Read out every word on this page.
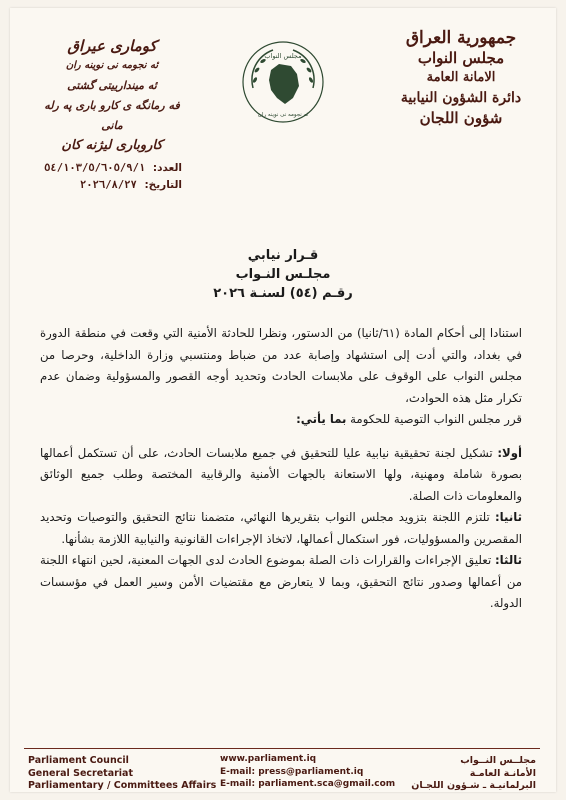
جمهورية العراق
مجلس النواب
الامانة العامة
دائرة الشؤون النيابية
شؤون اللجان
مجلس النواب
ئه نجومه نی نوینه ران
كوماری عیراق
ئه نجومه نی نوینه ران
ئه میندارییتی گشتی
فه رمانگه ی کارو باری په رله مانی
کاروباری لیژنه کان
العدد: ٥٤/١٠٣/٥/٦٠٥/٩/١
التاريخ: ٢٠٢٦/٨/٢٧
قـرار نيابي
مجلـس النـواب
رقـم (٥٤) لسنـة ٢٠٢٦

استنادا إلى أحكام المادة (٦١/ثانيا) من الدستور، ونظرا للحادثة الأمنية التي وقعت في منطقة الدورة في بغداد، والتي أدت إلى استشهاد وإصابة عدد من ضباط ومنتسبي وزارة الداخلية، وحرصا من مجلس النواب على الوقوف على ملابسات الحادث وتحديد أوجه القصور والمسؤولية وضمان عدم تكرار مثل هذه الحوادث،

قرر مجلس النواب التوصية للحكومة بما يأتي:

أولا: تشكيل لجنة تحقيقية نيابية عليا للتحقيق في جميع ملابسات الحادث، على أن تستكمل أعمالها بصورة شاملة ومهنية، ولها الاستعانة بالجهات الأمنية والرقابية المختصة وطلب جميع الوثائق والمعلومات ذات الصلة.

ثانيا: تلتزم اللجنة بتزويد مجلس النواب بتقريرها النهائي، متضمنا نتائج التحقيق والتوصيات وتحديد المقصرين والمسؤوليات، فور استكمال أعمالها، لاتخاذ الإجراءات القانونية والنيابية اللازمة بشأنها.

ثالثا: تعليق الإجراءات والقرارات ذات الصلة بموضوع الحادث لدى الجهات المعنية، لحين انتهاء اللجنة من أعمالها وصدور نتائج التحقيق، وبما لا يتعارض مع مقتضيات الأمن وسير العمل في مؤسسات الدولة.

Parliament Council
General Secretariat
Parliamentary / Committees Affairs
www.parliament.iq
E-mail: press@parliament.iq
E-mail: parliament.sca@gmail.com
مجلــس النــواب
الأمانـة العامـة
البرلمانيـة ـ شـؤون اللجـان
